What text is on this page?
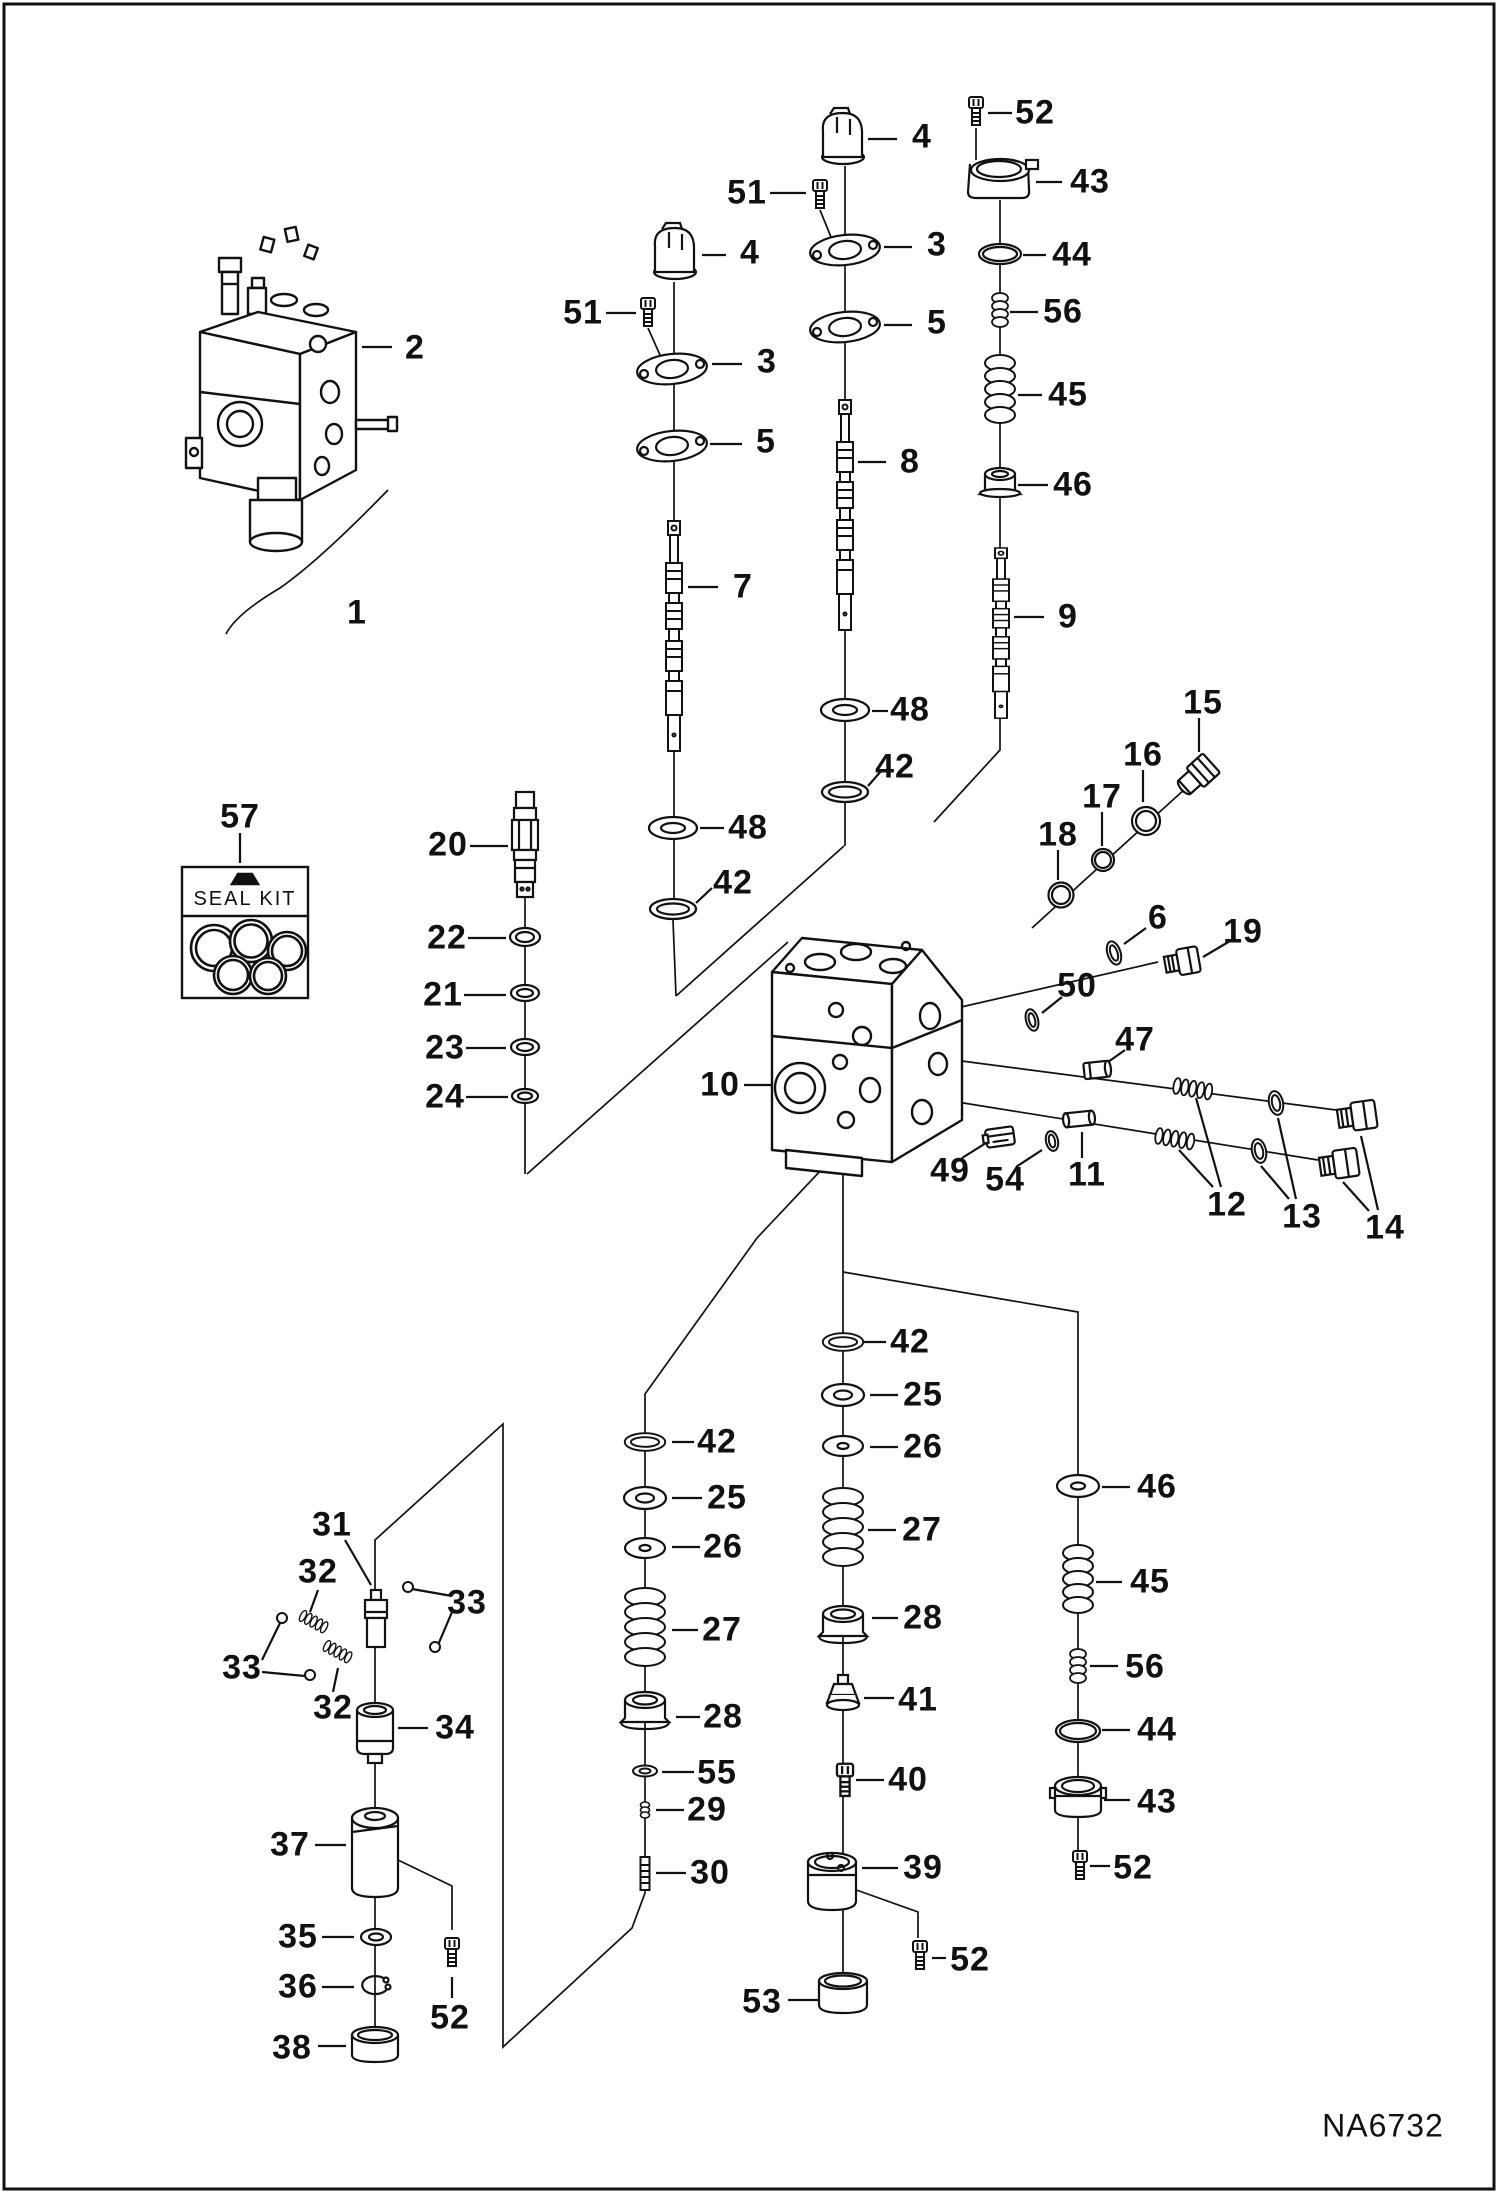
1
2
3
3
4
4
5
5
6
7
8
9
10
11
12 13 14
15
16
17
18
19
20
21
22
23
24
25
25
26
26
27
27
28
28
29
30
31
32
32
33
33
34
35
36
37
38
39
40
41
42
42
42
42
43
43
44
44
45
45
46
46
47
48
48
49
50
51
51
52
52
52
52
53
54
55
56
56
57
SEAL KIT
NA6732
